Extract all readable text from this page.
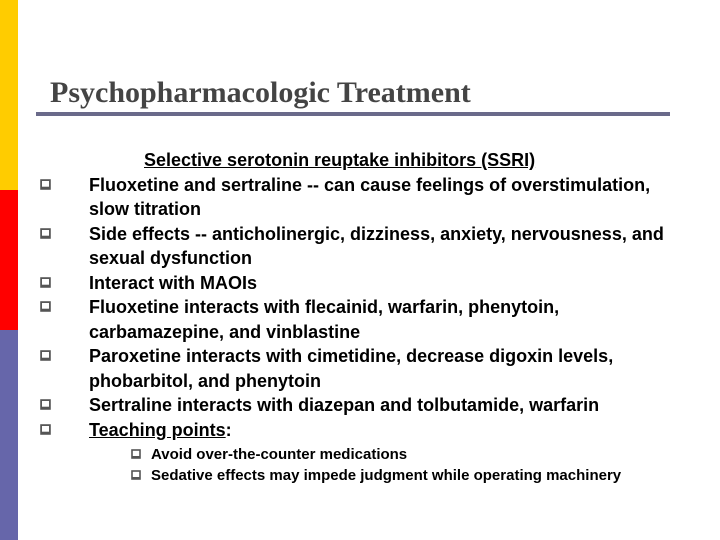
Psychopharmacologic Treatment

Selective serotonin reuptake inhibitors (SSRI)

Fluoxetine and sertraline -- can cause feelings of overstimulation, slow titration
Side effects -- anticholinergic, dizziness, anxiety, nervousness, and sexual dysfunction
Interact with MAOIs
Fluoxetine interacts with flecainid, warfarin, phenytoin, carbamazepine, and vinblastine
Paroxetine interacts with cimetidine, decrease digoxin levels, phobarbitol, and phenytoin
Sertraline interacts with diazepan and tolbutamide, warfarin
Teaching points:
Avoid over-the-counter medications
Sedative effects may impede judgment while operating machinery
